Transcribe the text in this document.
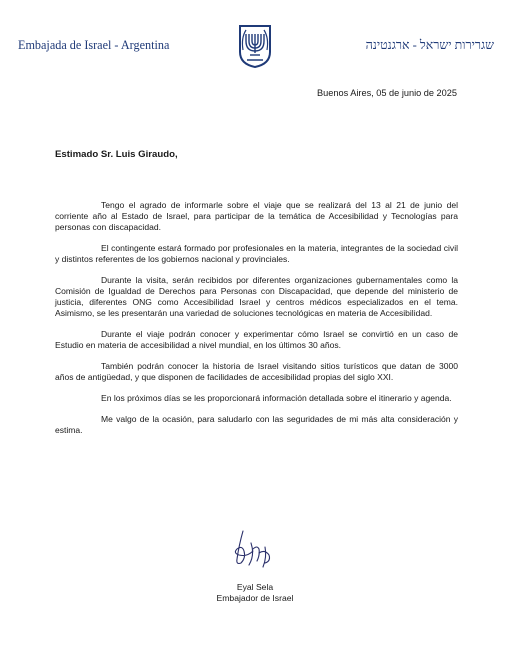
Embajada de Israel - Argentina	שגרירות ישראל - ארגנטינה
Buenos Aires, 05 de junio de 2025
Estimado Sr. Luis Giraudo,

Tengo el agrado de informarle sobre el viaje que se realizará del 13 al 21 de junio del corriente año al Estado de Israel, para participar de la temática de Accesibilidad y Tecnologías para personas con discapacidad.

El contingente estará formado por profesionales en la materia, integrantes de la sociedad civil y distintos referentes de los gobiernos nacional y provinciales.

Durante la visita, serán recibidos por diferentes organizaciones gubernamentales como la Comisión de Igualdad de Derechos para Personas con Discapacidad, que depende del ministerio de justicia, diferentes ONG como Accesibilidad Israel y centros médicos especializados en el tema. Asimismo, se les presentarán una variedad de soluciones tecnológicas en materia de Accesibilidad.

Durante el viaje podrán conocer y experimentar cómo Israel se convirtió en un caso de Estudio en materia de accesibilidad a nivel mundial, en los últimos 30 años.

También podrán conocer la historia de Israel visitando sitios turísticos que datan de 3000 años de antigüedad, y que disponen de facilidades de accesibilidad propias del siglo XXI.

En los próximos días se les proporcionará información detallada sobre el itinerario y agenda.

Me valgo de la ocasión, para saludarlo con las seguridades de mi más alta consideración y estima.

Eyal Sela
Embajador de Israel
